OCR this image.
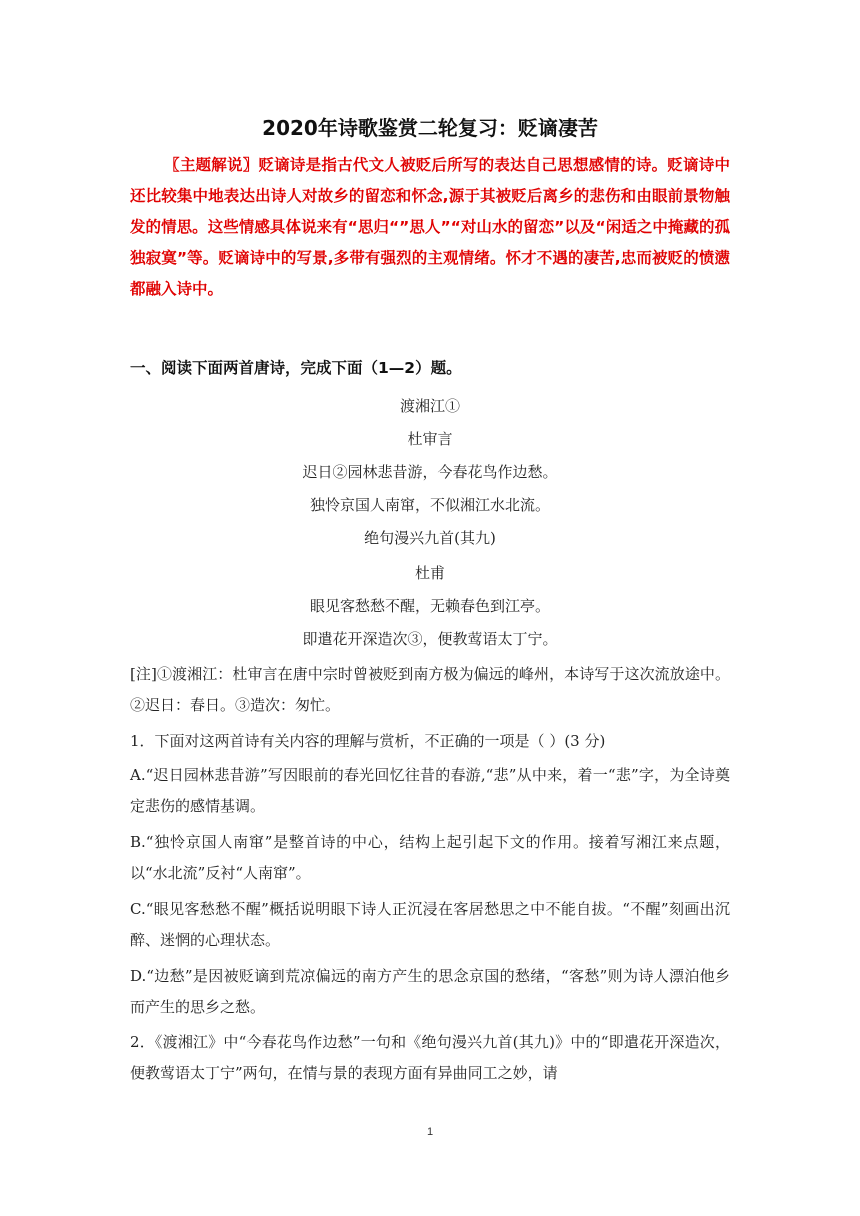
2020年诗歌鉴赏二轮复习：贬谪凄苦
〖主题解说〗贬谪诗是指古代文人被贬后所写的表达自己思想感情的诗。贬谪诗中还比较集中地表达出诗人对故乡的留恋和怀念,源于其被贬后离乡的悲伤和由眼前景物触发的情思。这些情感具体说来有“思归“”思人”“对山水的留恋”以及“闲适之中掩藏的孤独寂寞”等。贬谪诗中的写景,多带有强烈的主观情绪。怀才不遇的凄苦,忠而被贬的愤懑都融入诗中。
一、阅读下面两首唐诗，完成下面（1—2）题。
渡湘江①
杜审言
迟日②园林悲昔游，今春花鸟作边愁。
独怜京国人南窜，不似湘江水北流。
绝句漫兴九首(其九)
杜甫
眼见客愁愁不醒，无赖春色到江亭。
即遣花开深造次③，便教莺语太丁宁。
[注]①渡湘江：杜审言在唐中宗时曾被贬到南方极为偏远的峰州，本诗写于这次流放途中。②迟日：春日。③造次：匆忙。
1．下面对这两首诗有关内容的理解与赏析，不正确的一项是（ ）(3 分)
A.“迟日园林悲昔游”写因眼前的春光回忆往昔的春游,“悲”从中来，着一“悲”字，为全诗奠定悲伤的感情基调。
B.“独怜京国人南窜”是整首诗的中心，结构上起引起下文的作用。接着写湘江来点题，以“水北流”反衬“人南窜”。
C.“眼见客愁愁不醒”概括说明眼下诗人正沉浸在客居愁思之中不能自拔。“不醒”刻画出沉醉、迷惘的心理状态。
D.“边愁”是因被贬谪到荒凉偏远的南方产生的思念京国的愁绪，“客愁”则为诗人漂泊他乡而产生的思乡之愁。
2．《渡湘江》中“今春花鸟作边愁”一句和《绝句漫兴九首(其九)》中的“即遣花开深造次，便教莺语太丁宁”两句，在情与景的表现方面有异曲同工之妙，请
1
